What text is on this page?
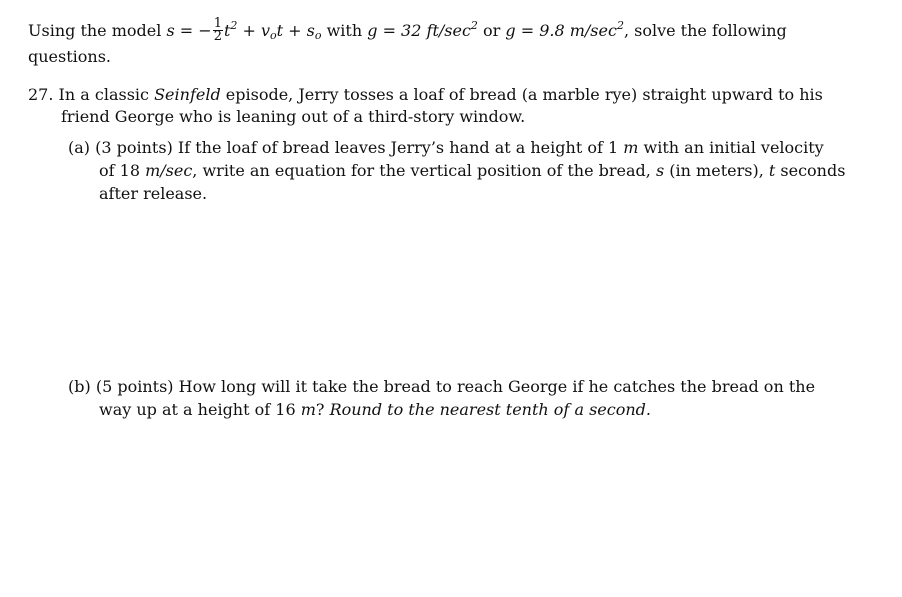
Using the model s = − $\frac{1}{2} t^2 + v_ot + s_o$ with g = 32 $ft/\sec^2$ or g = 9.8 $m/\sec^2$, solve the following
questions.
27. In a classic Seinfeld episode, Jerry tosses a loaf of bread (a marble rye) straight upward to his
friend George who is leaning out of a third-story window.
(a) (3 points) If the loaf of bread leaves Jerry’s hand at a height of 1 m with an initial velocity
of 18 m/sec, write an equation for the vertical position of the bread, s (in meters), t seconds
after release.
(b) (5 points) How long will it take the bread to reach George if he catches the bread on the
way up at a height of 16 m? Round to the nearest tenth of a second.
